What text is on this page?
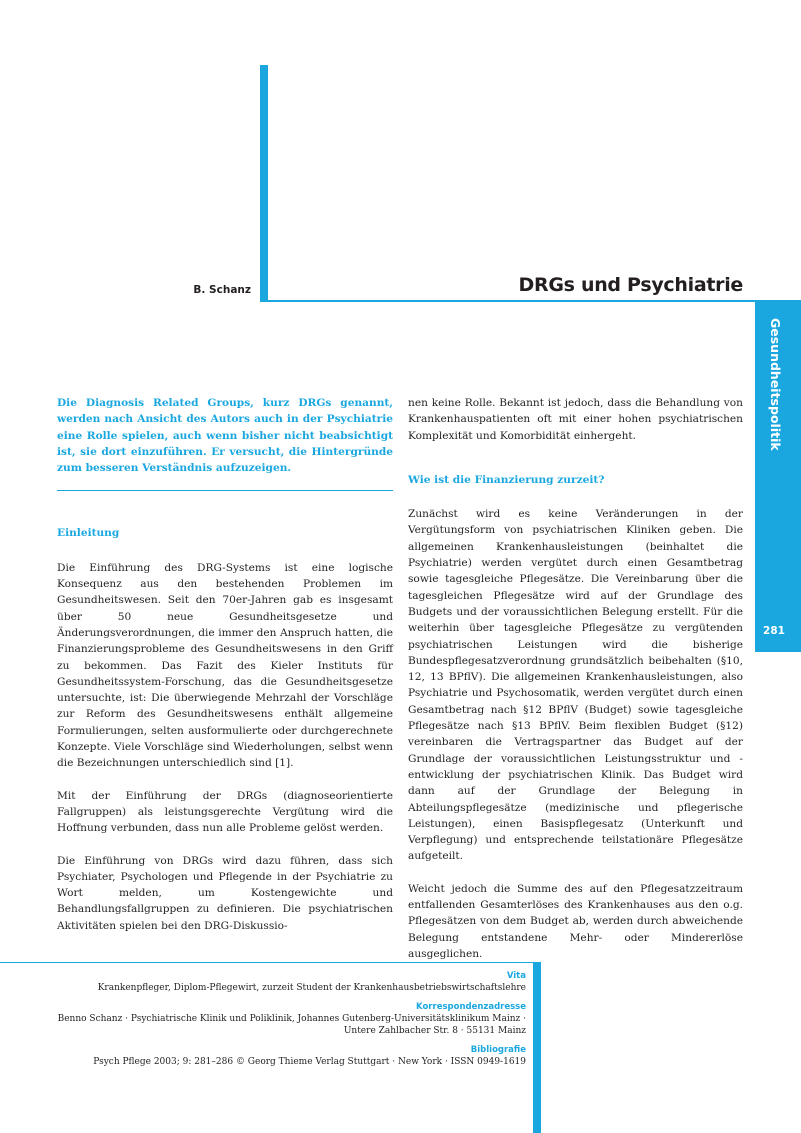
B. Schanz	DRGs und Psychiatrie
Gesundheitspolitik
281

Die Diagnosis Related Groups, kurz DRGs genannt, werden nach Ansicht des Autors auch in der Psychiatrie eine Rolle spielen, auch wenn bisher nicht beabsichtigt ist, sie dort einzuführen. Er versucht, die Hintergründe zum besseren Verständnis aufzuzeigen.

Einleitung

Die Einführung des DRG-Systems ist eine logische Konsequenz aus den bestehenden Problemen im Gesundheitswesen. Seit den 70er-Jahren gab es insgesamt über 50 neue Gesundheitsgesetze und Änderungsverordnungen, die immer den Anspruch hatten, die Finanzierungsprobleme des Gesundheitswesens in den Griff zu bekommen. Das Fazit des Kieler Instituts für Gesundheitssystem-Forschung, das die Gesundheitsgesetze untersuchte, ist: Die überwiegende Mehrzahl der Vorschläge zur Reform des Gesundheitswesens enthält allgemeine Formulierungen, selten ausformulierte oder durchgerechnete Konzepte. Viele Vorschläge sind Wiederholungen, selbst wenn die Bezeichnungen unterschiedlich sind [1].

Mit der Einführung der DRGs (diagnoseorientierte Fallgruppen) als leistungsgerechte Vergütung wird die Hoffnung verbunden, dass nun alle Probleme gelöst werden.

Die Einführung von DRGs wird dazu führen, dass sich Psychiater, Psychologen und Pflegende in der Psychiatrie zu Wort melden, um Kostengewichte und Behandlungsfallgruppen zu definieren. Die psychiatrischen Aktivitäten spielen bei den DRG-Diskussio-

nen keine Rolle. Bekannt ist jedoch, dass die Behandlung von Krankenhauspatienten oft mit einer hohen psychiatrischen Komplexität und Komorbidität einhergeht.

Wie ist die Finanzierung zurzeit?

Zunächst wird es keine Veränderungen in der Vergütungsform von psychiatrischen Kliniken geben. Die allgemeinen Krankenhausleistungen (beinhaltet die Psychiatrie) werden vergütet durch einen Gesamtbetrag sowie tagesgleiche Pflegesätze. Die Vereinbarung über die tagesgleichen Pflegesätze wird auf der Grundlage des Budgets und der voraussichtlichen Belegung erstellt. Für die weiterhin über tagesgleiche Pflegesätze zu vergütenden psychiatrischen Leistungen wird die bisherige Bundespflegesatzverordnung grundsätzlich beibehalten (§10, 12, 13 BPflV). Die allgemeinen Krankenhausleistungen, also Psychiatrie und Psychosomatik, werden vergütet durch einen Gesamtbetrag nach §12 BPflV (Budget) sowie tagesgleiche Pflegesätze nach §13 BPflV. Beim flexiblen Budget (§12) vereinbaren die Vertragspartner das Budget auf der Grundlage der voraussichtlichen Leistungsstruktur und -entwicklung der psychiatrischen Klinik. Das Budget wird dann auf der Grundlage der Belegung in Abteilungspflegesätze (medizinische und pflegerische Leistungen), einen Basispflegesatz (Unterkunft und Verpflegung) und entsprechende teilstationäre Pflegesätze aufgeteilt.

Weicht jedoch die Summe des auf den Pflegesatzzeitraum entfallenden Gesamterlöses des Krankenhauses aus den o.g. Pflegesätzen von dem Budget ab, werden durch abweichende Belegung entstandene Mehr- oder Mindererlöse ausgeglichen.

Vita
Krankenpfleger, Diplom-Pflegewirt, zurzeit Student der Krankenhausbetriebswirtschaftslehre
Korrespondenzadresse
Benno Schanz · Psychiatrische Klinik und Poliklinik, Johannes Gutenberg-Universitätsklinikum Mainz ·
Untere Zahlbacher Str. 8 · 55131 Mainz
Bibliografie
Psych Pflege 2003; 9: 281–286 © Georg Thieme Verlag Stuttgart · New York · ISSN 0949-1619
